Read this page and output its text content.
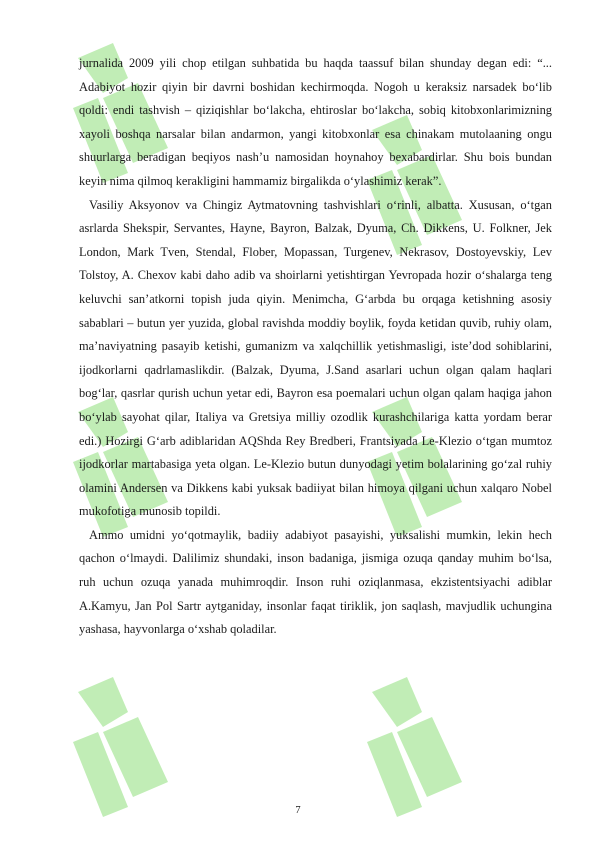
jurnalida 2009 yili chop etilgan suhbatida bu haqda taassuf bilan shunday degan edi: “... Adabiyot hozir qiyin bir davrni boshidan kechirmoqda. Nogoh u keraksiz narsadek bo‘lib qoldi: endi tashvish – qiziqishlar bo‘lakcha, ehtiroslar bo‘lakcha, sobiq kitobxonlarimizning xayoli boshqa narsalar bilan andarmon, yangi kitobxonlar esa chinakam mutolaaning ongu shuurlarga beradigan beqiyos nash’u namosidan hoynahoy bexabardirlar. Shu bois bundan keyin nima qilmoq kerakligini hammamiz birgalikda o‘ylashimiz kerak”.

Vasiliy Aksyonov va Chingiz Aytmatovning tashvishlari o‘rinli, albatta. Xususan, o‘tgan asrlarda Shekspir, Servantes, Hayne, Bayron, Balzak, Dyuma, Ch. Dikkens, U. Folkner, Jek London, Mark Tven, Stendal, Flober, Mopassan, Turgenev, Nekrasov, Dostoyevskiy, Lev Tolstoy, A. Chexov kabi daho adib va shoirlarni yetishtirgan Yevropada hozir o‘shalarga teng keluvchi san’atkorni topish juda qiyin. Menimcha, G‘arbda bu orqaga ketishning asosiy sabablari – butun yer yuzida, global ravishda moddiy boylik, foyda ketidan quvib, ruhiy olam, ma’naviyatning pasayib ketishi, gumanizm va xalqchillik yetishmasligi, iste’dod sohiblarini, ijodkorlarni qadrlamaslikdir. (Balzak, Dyuma, J.Sand asarlari uchun olgan qalam haqlari bog‘lar, qasrlar qurish uchun yetar edi, Bayron esa poemalari uchun olgan qalam haqiga jahon bo‘ylab sayohat qilar, Italiya va Gretsiya milliy ozodlik kurashchilariga katta yordam berar edi.) Hozirgi G‘arb adiblaridan AQShda Rey Bredberi, Frantsiyada Le-Klezio o‘tgan mumtoz ijodkorlar martabasiga yeta olgan. Le-Klezio butun dunyodagi yetim bolalarining go‘zal ruhiy olamini Andersen va Dikkens kabi yuksak badiiyat bilan himoya qilgani uchun xalqaro Nobel mukofotiga munosib topildi.

Ammo umidni yo‘qotmaylik, badiiy adabiyot pasayishi, yuksalishi mumkin, lekin hech qachon o‘lmaydi. Dalilimiz shundaki, inson badaniga, jismiga ozuqa qanday muhim bo‘lsa, ruh uchun ozuqa yanada muhimroqdir. Inson ruhi oziqlanmasa, ekzistentsiyachi adiblar A.Kamyu, Jan Pol Sartr aytganiday, insonlar faqat tiriklik, jon saqlash, mavjudlik uchungina yashasa, hayvonlarga o‘xshab qoladilar.

7
